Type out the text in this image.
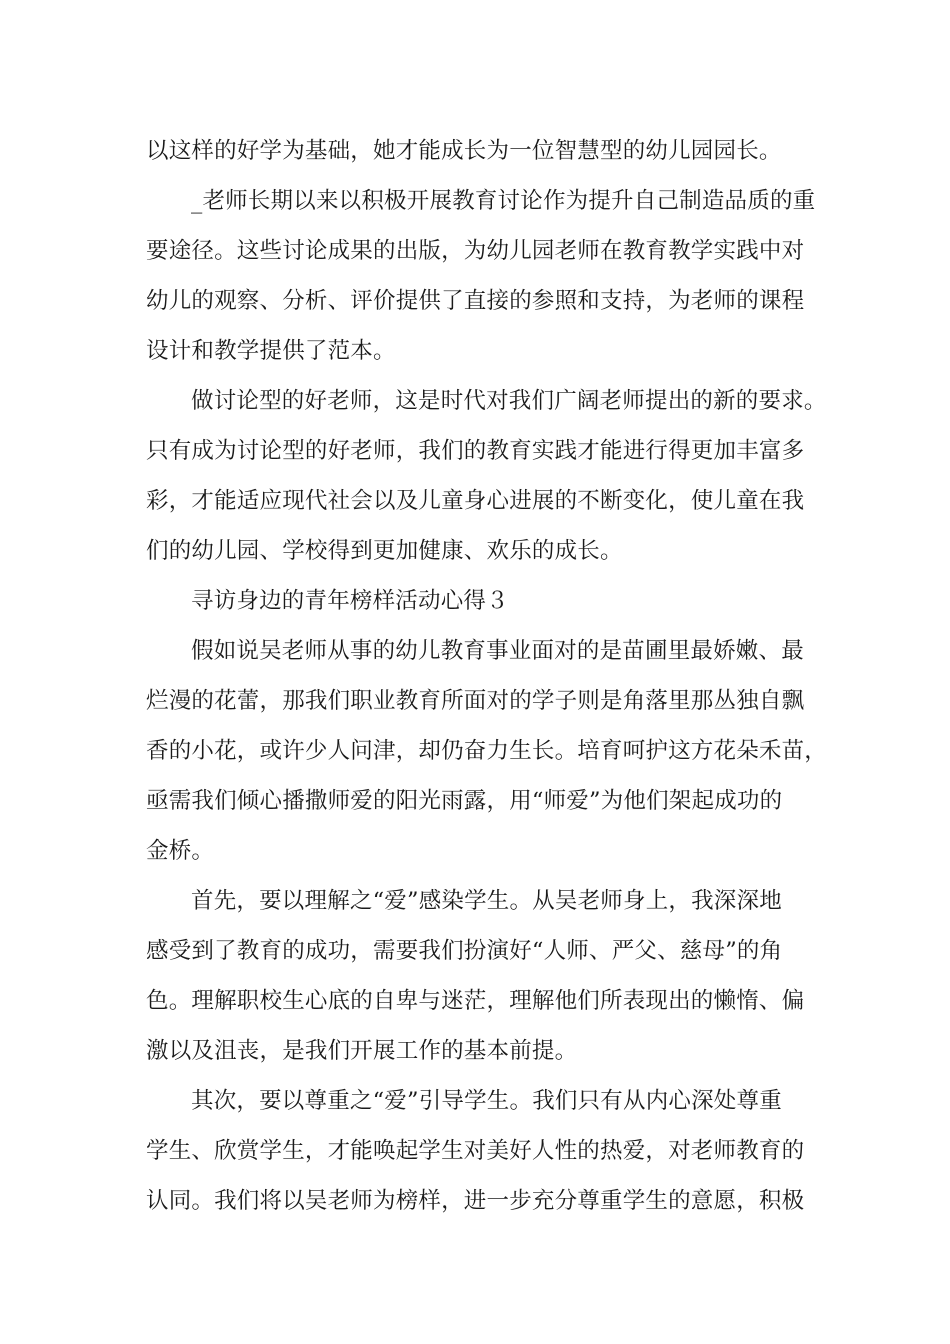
以这样的好学为基础，她才能成长为一位智慧型的幼儿园园长。

_老师长期以来以积极开展教育讨论作为提升自己制造品质的重

要途径。这些讨论成果的出版，为幼儿园老师在教育教学实践中对

幼儿的观察、分析、评价提供了直接的参照和支持，为老师的课程

设计和教学提供了范本。

做讨论型的好老师，这是时代对我们广阔老师提出的新的要求。

只有成为讨论型的好老师，我们的教育实践才能进行得更加丰富多

彩，才能适应现代社会以及儿童身心进展的不断变化，使儿童在我

们的幼儿园、学校得到更加健康、欢乐的成长。

寻访身边的青年榜样活动心得３

假如说吴老师从事的幼儿教育事业面对的是苗圃里最娇嫩、最

烂漫的花蕾，那我们职业教育所面对的学子则是角落里那丛独自飘

香的小花，或许少人问津，却仍奋力生长。培育呵护这方花朵禾苗，

亟需我们倾心播撒师爱的阳光雨露，用“师爱”为他们架起成功的

金桥。

首先，要以理解之“爱”感染学生。从吴老师身上，我深深地

感受到了教育的成功，需要我们扮演好“人师、严父、慈母”的角

色。理解职校生心底的自卑与迷茫，理解他们所表现出的懒惰、偏

激以及沮丧，是我们开展工作的基本前提。

其次，要以尊重之“爱”引导学生。我们只有从内心深处尊重

学生、欣赏学生，才能唤起学生对美好人性的热爱，对老师教育的

认同。我们将以吴老师为榜样，进一步充分尊重学生的意愿，积极
